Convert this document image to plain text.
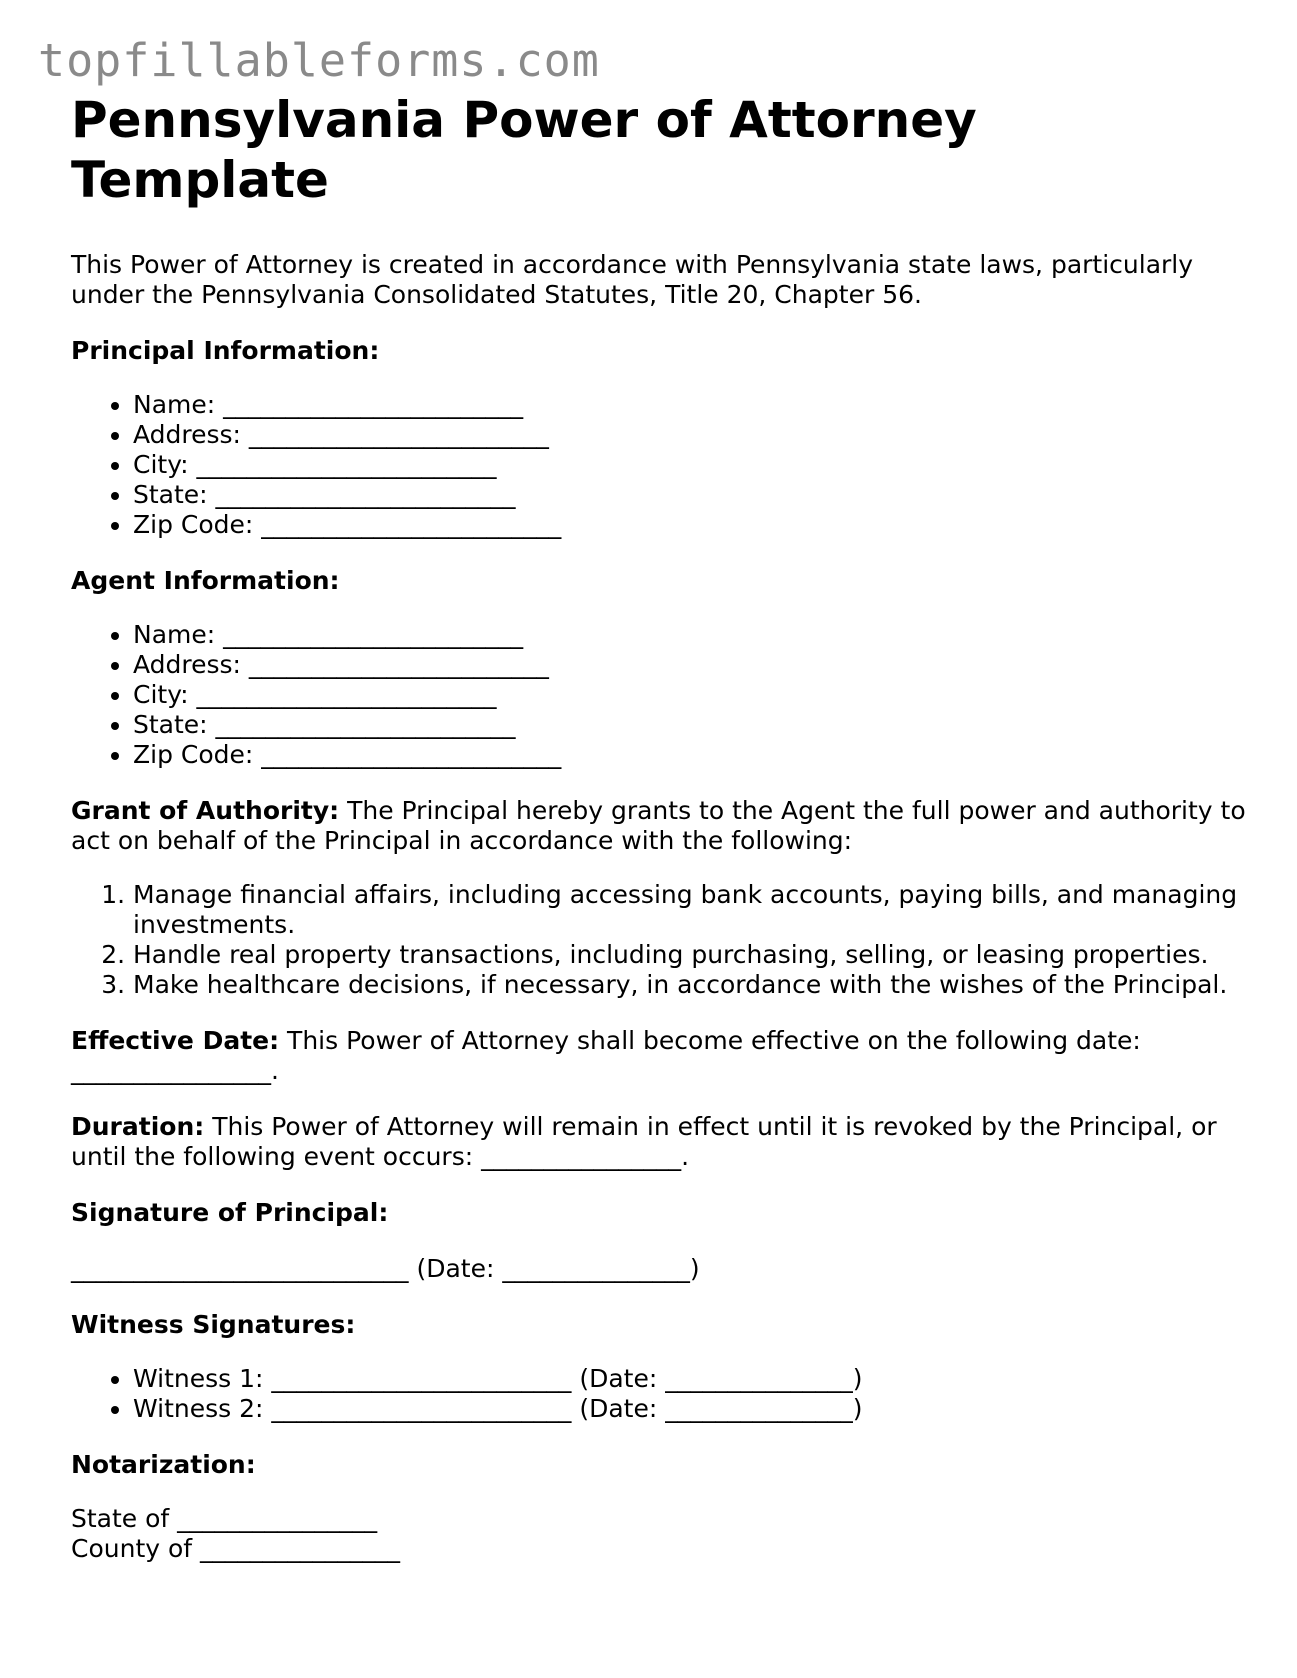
topfillableforms.com
Pennsylvania Power of Attorney Template

This Power of Attorney is created in accordance with Pennsylvania state laws, particularly under the Pennsylvania Consolidated Statutes, Title 20, Chapter 56.

Principal Information:

• Name: ________________________
• Address: ________________________
• City: ________________________
• State: ________________________
• Zip Code: ________________________

Agent Information:

• Name: ________________________
• Address: ________________________
• City: ________________________
• State: ________________________
• Zip Code: ________________________

Grant of Authority: The Principal hereby grants to the Agent the full power and authority to act on behalf of the Principal in accordance with the following:

1. Manage financial affairs, including accessing bank accounts, paying bills, and managing investments.
2. Handle real property transactions, including purchasing, selling, or leasing properties.
3. Make healthcare decisions, if necessary, in accordance with the wishes of the Principal.

Effective Date: This Power of Attorney shall become effective on the following date: ________________.

Duration: This Power of Attorney will remain in effect until it is revoked by the Principal, or until the following event occurs: ________________.

Signature of Principal:

___________________________ (Date: _______________)

Witness Signatures:

• Witness 1: ________________________ (Date: _______________)
• Witness 2: ________________________ (Date: _______________)

Notarization:

State of ________________

County of ________________
